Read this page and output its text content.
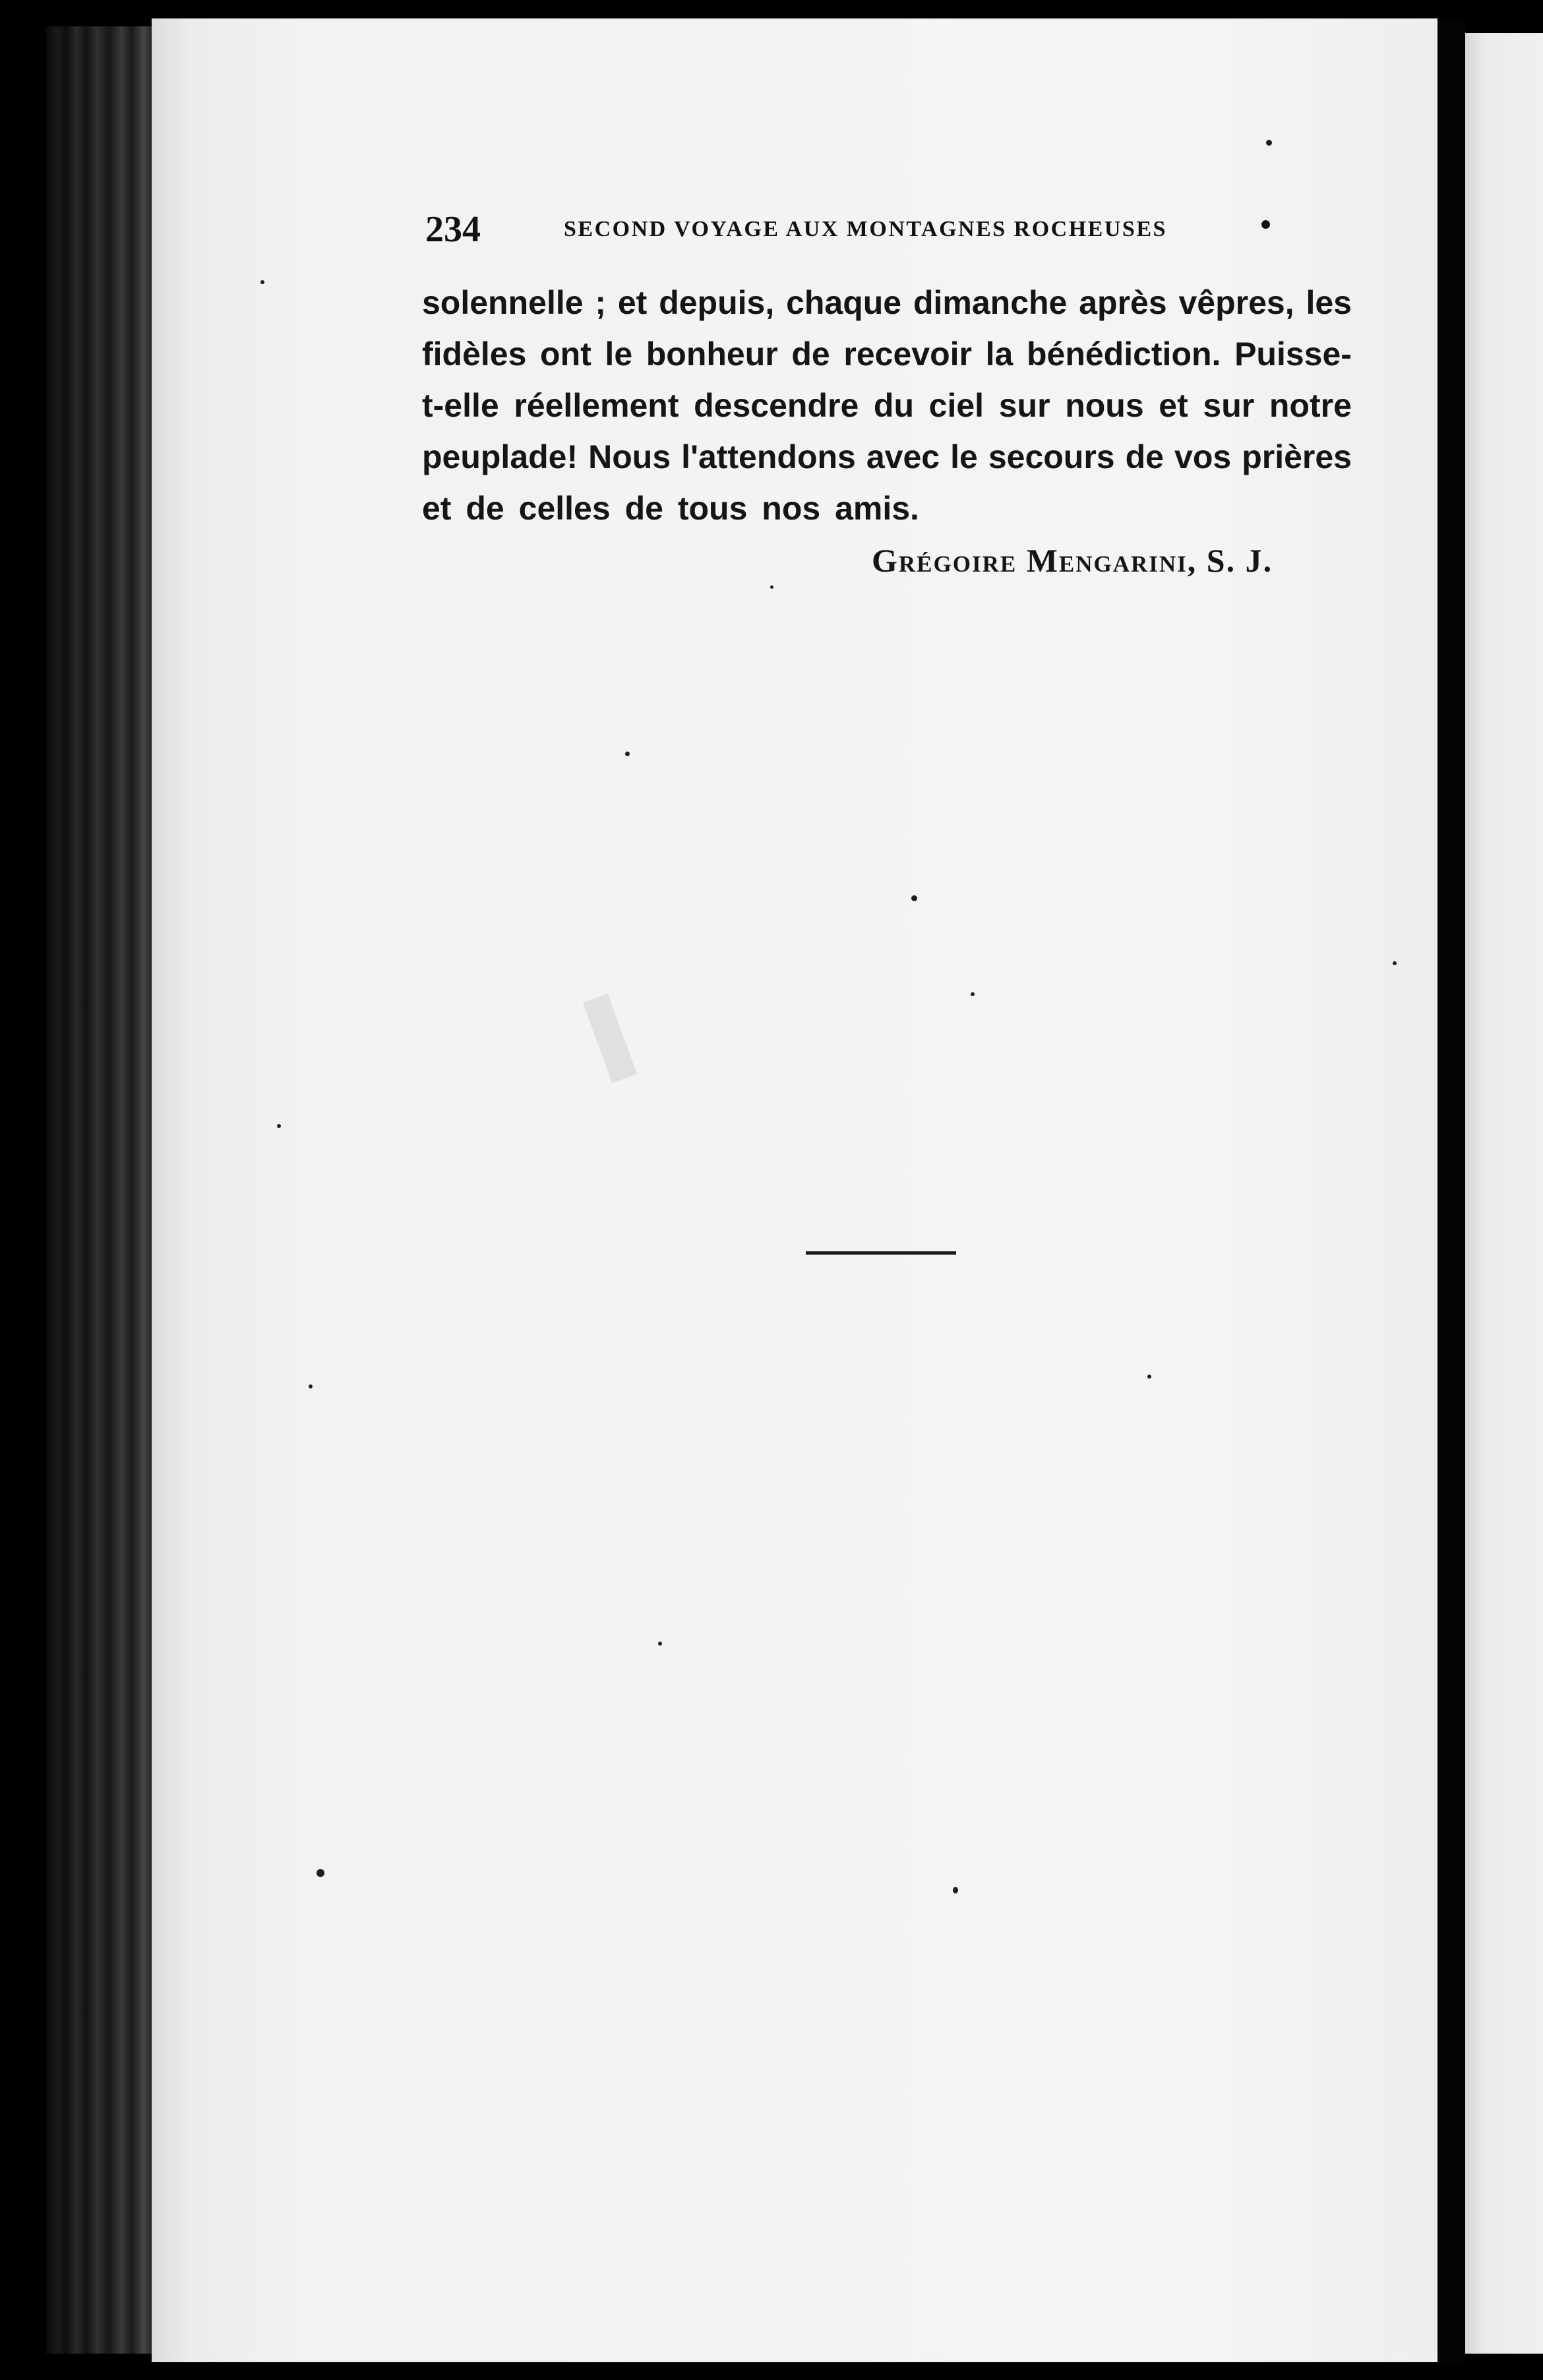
234	SECOND VOYAGE AUX MONTAGNES ROCHEUSES
solennelle ; et depuis, chaque dimanche après vêpres, les
fidèles ont le bonheur de recevoir la bénédiction. Puisse-
t-elle réellement descendre du ciel sur nous et sur notre
peuplade! Nous l'attendons avec le secours de vos prières
et
de
celles
de
tous
nos
amis.
Grégoire Mengarini, S. J.
